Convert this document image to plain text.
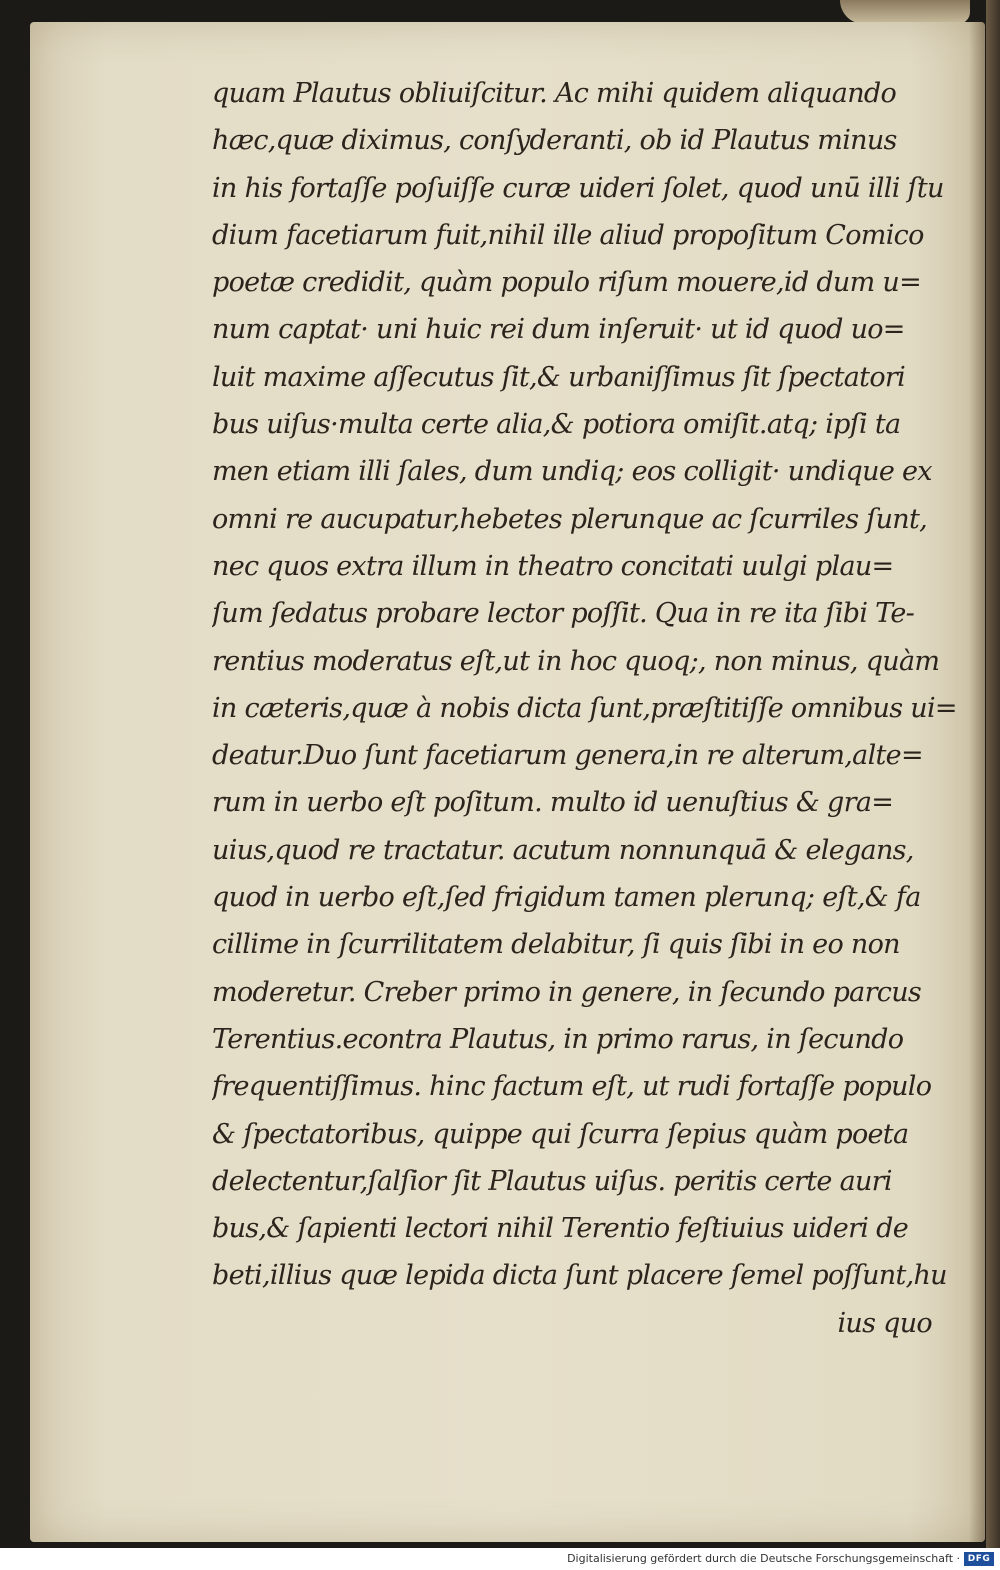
quam Plautus obliuiſcitur. Ac mihi quidem aliquando
hæc,quæ diximus, conſyderanti, ob id Plautus minus
in his fortaſſe poſuiſſe curæ uideri ſolet, quod unū illi ſtu
dium facetiarum fuit,nihil ille aliud propoſitum Comico
poetæ credidit, quàm populo riſum mouere,id dum u=
num captat· uni huic rei dum inſeruit· ut id quod uo=
luit maxime aſſecutus ſit,& urbaniſſimus ſit ſpectatori
bus uiſus·multa certe alia,& potiora omiſit.atq; ipſi ta
men etiam illi ſales, dum undiq; eos colligit· undique ex
omni re aucupatur,hebetes plerunque ac ſcurriles ſunt,
nec quos extra illum in theatro concitati uulgi plau=
ſum ſedatus probare lector poſſit. Qua in re ita ſibi Te-
rentius moderatus eſt,ut in hoc quoq;, non minus, quàm
in cæteris,quæ à nobis dicta ſunt,præſtitiſſe omnibus ui=
deatur.Duo ſunt facetiarum genera,in re alterum,alte=
rum in uerbo eſt poſitum. multo id uenuſtius & gra=
uius,quod re tractatur. acutum nonnunquā & elegans,
quod in uerbo eſt,ſed frigidum tamen plerunq; eſt,& fa
cillime in ſcurrilitatem delabitur, ſi quis ſibi in eo non
moderetur. Creber primo in genere, in ſecundo parcus
Terentius.econtra Plautus, in primo rarus, in ſecundo
frequentiſſimus. hinc factum eſt, ut rudi fortaſſe populo
& ſpectatoribus, quippe qui ſcurra ſepius quàm poeta
delectentur,ſalſior ſit Plautus uiſus. peritis certe auri
bus,& ſapienti lectori nihil Terentio feſtiuius uideri de
beti,illius quæ lepida dicta ſunt placere ſemel poſſunt,hu
ius quo
Digitalisierung gefördert durch die Deutsche Forschungsgemeinschaft · DFG
